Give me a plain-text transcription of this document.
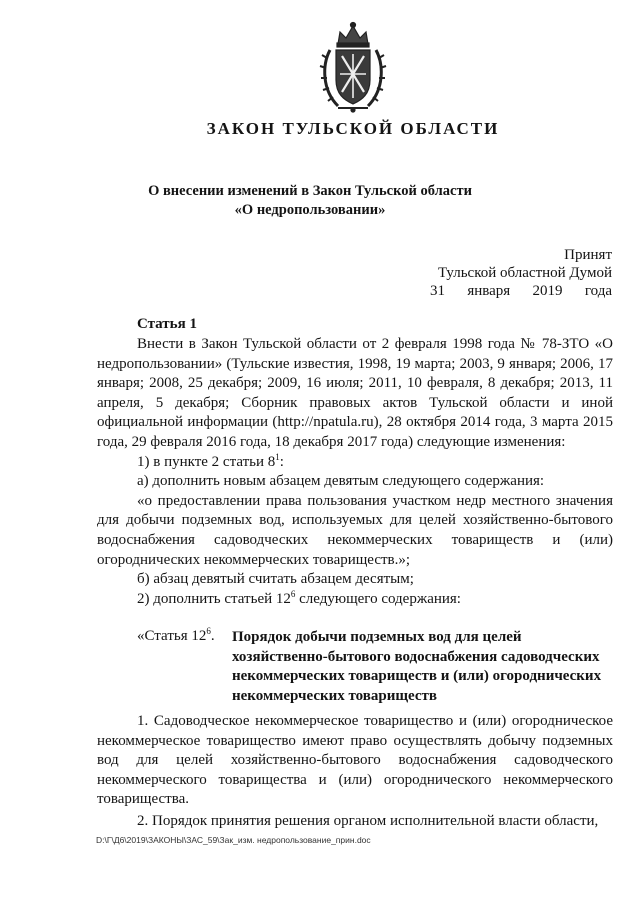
ЗАКОН ТУЛЬСКОЙ ОБЛАСТИ
О внесении изменений в Закон Тульской области
«О недропользовании»
Принят
Тульской областной Думой
31 января 2019 года
Статья 1

Внести в Закон Тульской области от 2 февраля 1998 года № 78-ЗТО «О недропользовании» (Тульские известия, 1998, 19 марта; 2003, 9 января; 2006, 17 января; 2008, 25 декабря; 2009, 16 июля; 2011, 10 февраля, 8 декабря; 2013, 11 апреля, 5 декабря; Сборник правовых актов Тульской области и иной официальной информации (http://npatula.ru), 28 октября 2014 года, 3 марта 2015 года, 29 февраля 2016 года, 18 декабря 2017 года) следующие изменения:

1) в пункте 2 статьи $8^1$:

а) дополнить новым абзацем девятым следующего содержания:

«о предоставлении права пользования участком недр местного значения для добычи подземных вод, используемых для целей хозяйственно-бытового водоснабжения садоводческих некоммерческих товариществ и (или) огороднических некоммерческих товариществ.»;

б) абзац девятый считать абзацем десятым;

2) дополнить статьей $12^6$ следующего содержания:

«Статья $12^6$. Порядок добычи подземных вод для целей хозяйственно-бытового водоснабжения садоводческих некоммерческих товариществ и (или) огороднических некоммерческих товариществ

1. Садоводческое некоммерческое товарищество и (или) огородническое некоммерческое товарищество имеют право осуществлять добычу подземных вод для целей хозяйственно-бытового водоснабжения садоводческого некоммерческого товарищества и (или) огороднического некоммерческого товарищества.

2. Порядок принятия решения органом исполнительной власти области,

D:\Г\Д6\2019\ЗАКОНЫ\ЗАС_59\Зак_изм. недропользование_прин.doc
